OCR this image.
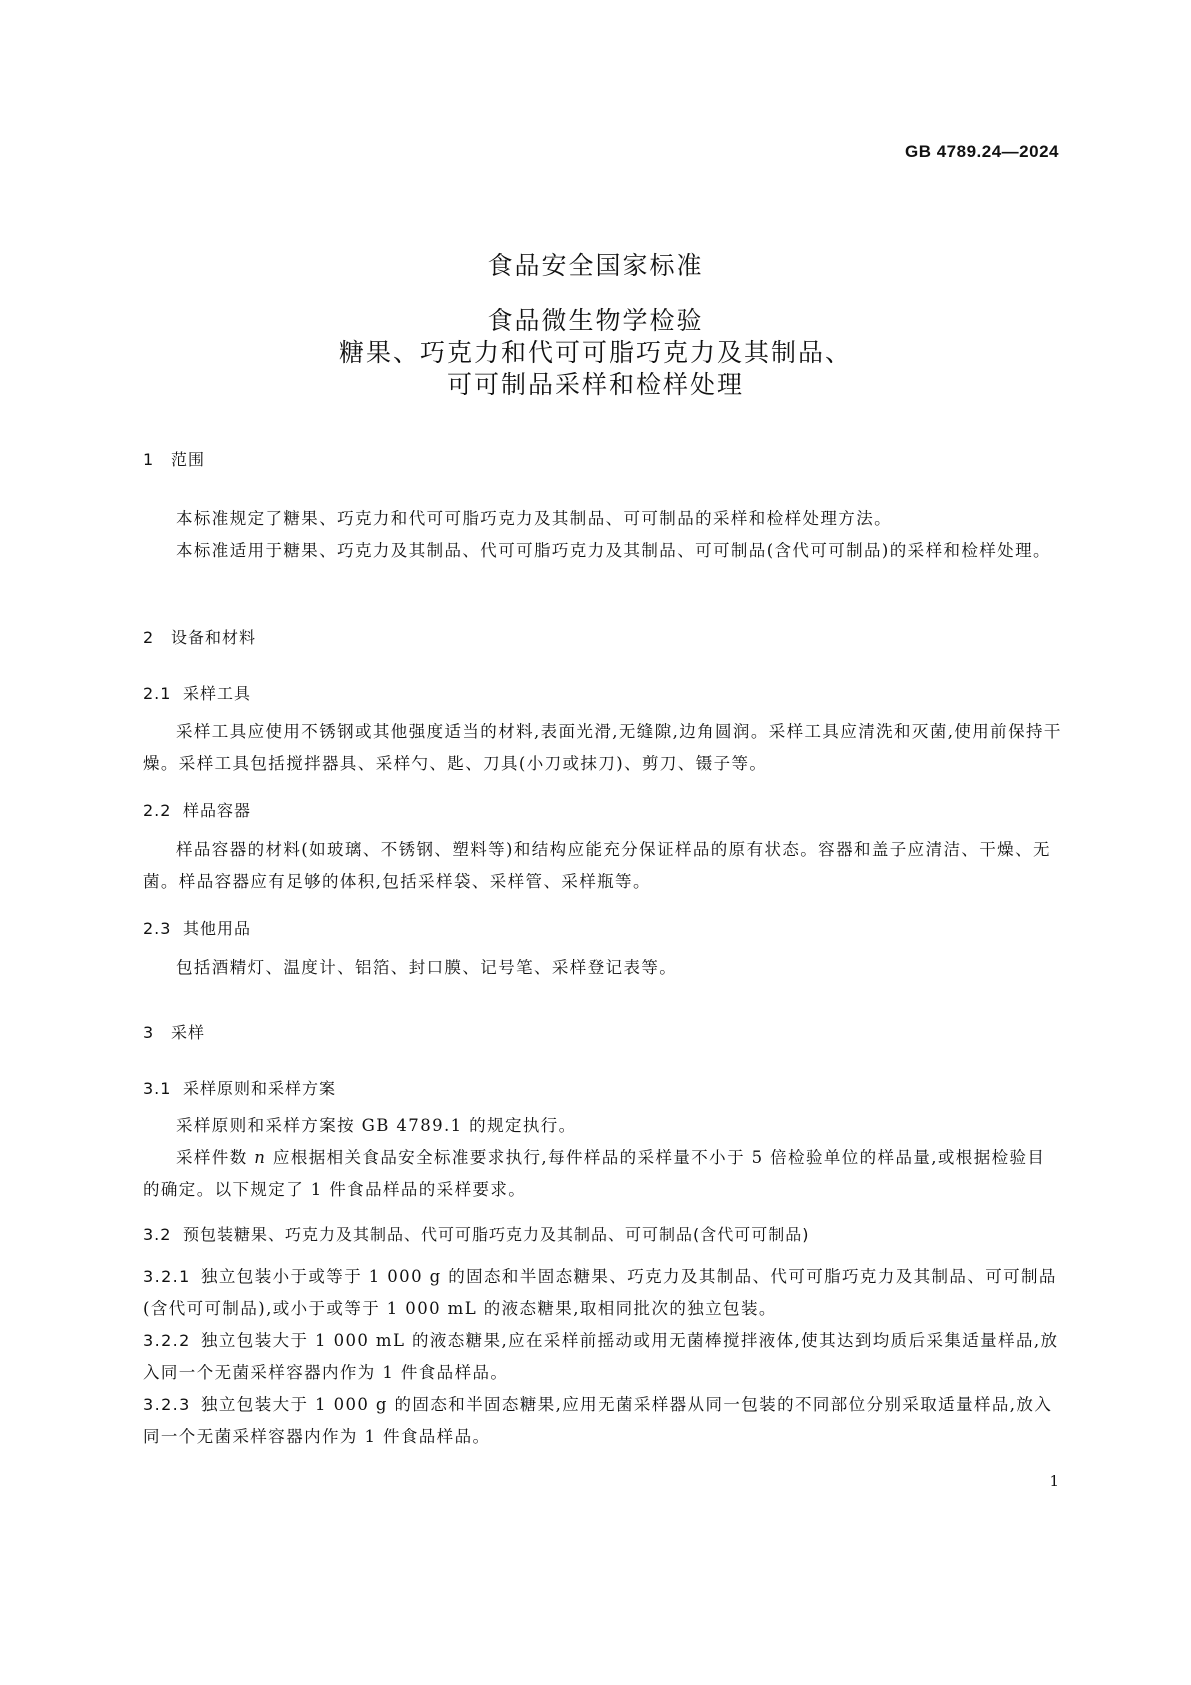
GB 4789.24—2024
食品安全国家标准
食品微生物学检验
糖果、巧克力和代可可脂巧克力及其制品、
可可制品采样和检样处理
1 范围
本标准规定了糖果、巧克力和代可可脂巧克力及其制品、可可制品的采样和检样处理方法。
本标准适用于糖果、巧克力及其制品、代可可脂巧克力及其制品、可可制品(含代可可制品)的采样和检样处理。
2 设备和材料
2.1 采样工具
采样工具应使用不锈钢或其他强度适当的材料,表面光滑,无缝隙,边角圆润。采样工具应清洗和灭菌,使用前保持干燥。采样工具包括搅拌器具、采样勺、匙、刀具(小刀或抹刀)、剪刀、镊子等。
2.2 样品容器
样品容器的材料(如玻璃、不锈钢、塑料等)和结构应能充分保证样品的原有状态。容器和盖子应清洁、干燥、无菌。样品容器应有足够的体积,包括采样袋、采样管、采样瓶等。
2.3 其他用品
包括酒精灯、温度计、铝箔、封口膜、记号笔、采样登记表等。
3 采样
3.1 采样原则和采样方案
采样原则和采样方案按 GB 4789.1 的规定执行。
采样件数 n 应根据相关食品安全标准要求执行,每件样品的采样量不小于 5 倍检验单位的样品量,或根据检验目的确定。以下规定了 1 件食品样品的采样要求。
3.2 预包装糖果、巧克力及其制品、代可可脂巧克力及其制品、可可制品(含代可可制品)
3.2.1 独立包装小于或等于 1 000 g 的固态和半固态糖果、巧克力及其制品、代可可脂巧克力及其制品、可可制品(含代可可制品),或小于或等于 1 000 mL 的液态糖果,取相同批次的独立包装。
3.2.2 独立包装大于 1 000 mL 的液态糖果,应在采样前摇动或用无菌棒搅拌液体,使其达到均质后采集适量样品,放入同一个无菌采样容器内作为 1 件食品样品。
3.2.3 独立包装大于 1 000 g 的固态和半固态糖果,应用无菌采样器从同一包装的不同部位分别采取适量样品,放入同一个无菌采样容器内作为 1 件食品样品。
1
